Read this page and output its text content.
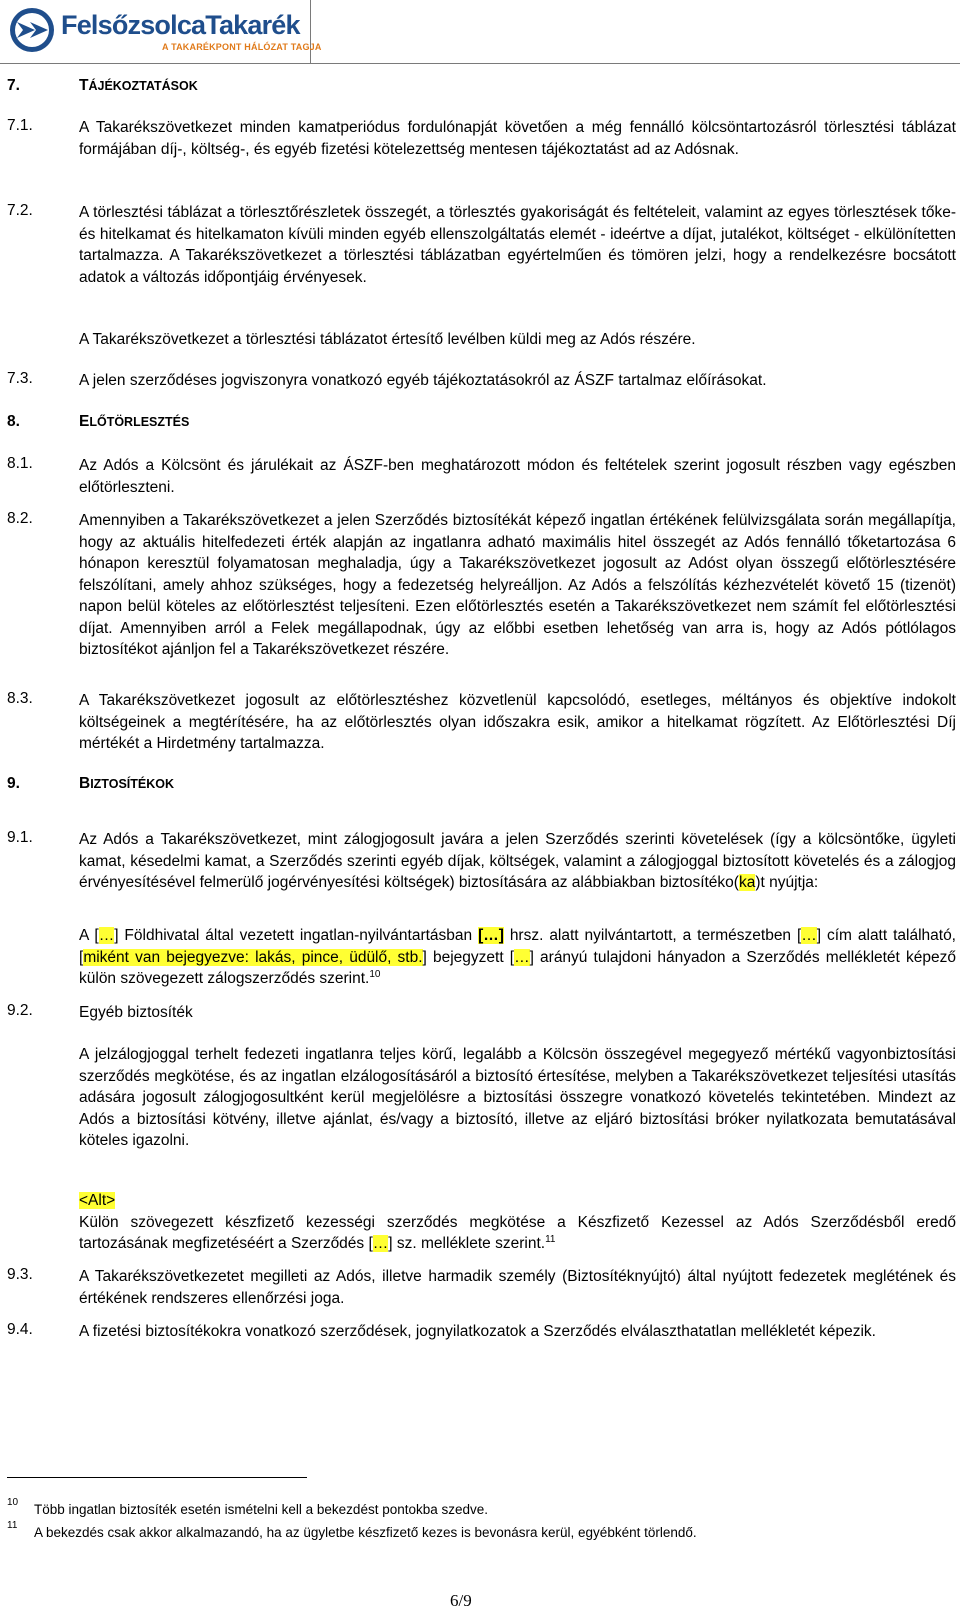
FelsőzsolcaTakarék
A TAKARÉKPONT HÁLÓZAT TAGJA
7.	TÁJÉKOZTATÁSOK
7.1.	A Takarékszövetkezet minden kamatperiódus fordulónapját követően a még fennálló kölcsöntartozásról törlesztési táblázat formájában díj-, költség-, és egyéb fizetési kötelezettség mentesen tájékoztatást ad az Adósnak.
7.2.	A törlesztési táblázat a törlesztőrészletek összegét, a törlesztés gyakoriságát és feltételeit, valamint az egyes törlesztések tőke- és hitelkamat és hitelkamaton kívüli minden egyéb ellenszolgáltatás elemét - ideértve a díjat, jutalékot, költséget - elkülönítetten tartalmazza. A Takarékszövetkezet a törlesztési táblázatban egyértelműen és tömören jelzi, hogy a rendelkezésre bocsátott adatok a változás időpontjáig érvényesek.
A Takarékszövetkezet a törlesztési táblázatot értesítő levélben küldi meg az Adós részére.
7.3.	A jelen szerződéses jogviszonyra vonatkozó egyéb tájékoztatásokról az ÁSZF tartalmaz előírásokat.
8.	ELŐTÖRLESZTÉS
8.1.	Az Adós a Kölcsönt és járulékait az ÁSZF-ben meghatározott módon és feltételek szerint jogosult részben vagy egészben előtörleszteni.
8.2.	Amennyiben a Takarékszövetkezet a jelen Szerződés biztosítékát képező ingatlan értékének felülvizsgálata során megállapítja, hogy az aktuális hitelfedezeti érték alapján az ingatlanra adható maximális hitel összegét az Adós fennálló tőketartozása 6 hónapon keresztül folyamatosan meghaladja, úgy a Takarékszövetkezet jogosult az Adóst olyan összegű előtörlesztésére felszólítani, amely ahhoz szükséges, hogy a fedezetség helyreálljon. Az Adós a felszólítás kézhezvételét követő 15 (tizenöt) napon belül köteles az előtörlesztést teljesíteni. Ezen előtörlesztés esetén a Takarékszövetkezet nem számít fel előtörlesztési díjat. Amennyiben arról a Felek megállapodnak, úgy az előbbi esetben lehetőség van arra is, hogy az Adós pótlólagos biztosítékot ajánljon fel a Takarékszövetkezet részére.
8.3.	A Takarékszövetkezet jogosult az előtörlesztéshez közvetlenül kapcsolódó, esetleges, méltányos és objektíve indokolt költségeinek a megtérítésére, ha az előtörlesztés olyan időszakra esik, amikor a hitelkamat rögzített. Az Előtörlesztési Díj mértékét a Hirdetmény tartalmazza.
9.	BIZTOSÍTÉKOK
9.1.	Az Adós a Takarékszövetkezet, mint zálogjogosult javára a jelen Szerződés szerinti követelések (így a kölcsöntőke, ügyleti kamat, késedelmi kamat, a Szerződés szerinti egyéb díjak, költségek, valamint a zálogjoggal biztosított követelés és a zálogjog érvényesítésével felmerülő jogérvényesítési költségek) biztosítására az alábbiakban biztosítéko(ka)t nyújtja:
A […] Földhivatal által vezetett ingatlan-nyilvántartásban […] hrsz. alatt nyilvántartott, a természetben […] cím alatt található, [miként van bejegyezve: lakás, pince, üdülő, stb.] bejegyzett […] arányú tulajdoni hányadon a Szerződés mellékletét képező külön szövegezett zálogszerződés szerint.$^{10}$
9.2.	Egyéb biztosíték
A jelzálogjoggal terhelt fedezeti ingatlanra teljes körű, legalább a Kölcsön összegével megegyező mértékű vagyonbiztosítási szerződés megkötése, és az ingatlan elzálogosításáról a biztosító értesítése, melyben a Takarékszövetkezet teljesítési utasítás adására jogosult zálogjogosultként kerül megjelölésre a biztosítási összegre vonatkozó követelés tekintetében. Mindezt az Adós a biztosítási kötvény, illetve ajánlat, és/vagy a biztosító, illetve az eljáró biztosítási bróker nyilatkozata bemutatásával köteles igazolni.
<Alt>
Külön szövegezett készfizető kezességi szerződés megkötése a Készfizető Kezessel az Adós Szerződésből eredő tartozásának megfizetéséért a Szerződés […] sz. melléklete szerint.$^{11}$
9.3.	A Takarékszövetkezetet megilleti az Adós, illetve harmadik személy (Biztosítéknyújtó) által nyújtott fedezetek meglétének és értékének rendszeres ellenőrzési joga.
9.4.	A fizetési biztosítékokra vonatkozó szerződések, jognyilatkozatok a Szerződés elválaszthatatlan mellékletét képezik.
10 Több ingatlan biztosíték esetén ismételni kell a bekezdést pontokba szedve.
11 A bekezdés csak akkor alkalmazandó, ha az ügyletbe készfizető kezes is bevonásra kerül, egyébként törlendő.
6/9
